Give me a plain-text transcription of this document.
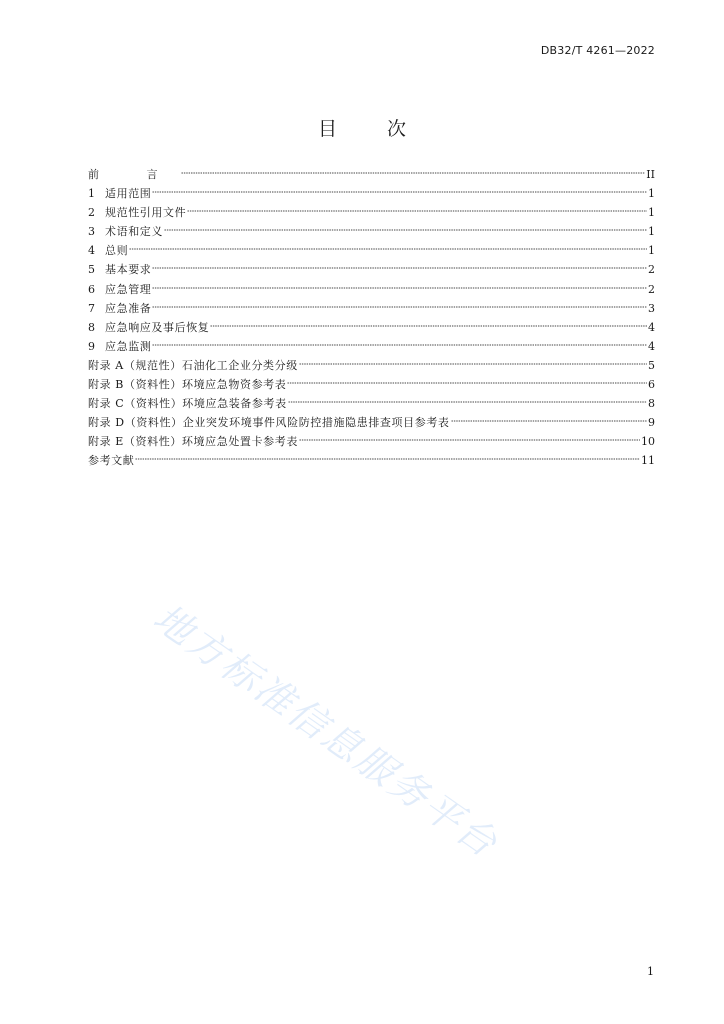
DB32/T 4261—2022
目 次
前 言	II
1 适用范围	1
2 规范性引用文件	1
3 术语和定义	1
4 总则	1
5 基本要求	2
6 应急管理	2
7 应急准备	3
8 应急响应及事后恢复	4
9 应急监测	4
附录 A（规范性）石油化工企业分类分级	5
附录 B（资料性）环境应急物资参考表	6
附录 C（资料性）环境应急装备参考表	8
附录 D（资料性）企业突发环境事件风险防控措施隐患排查项目参考表	9
附录 E（资料性）环境应急处置卡参考表	10
参考文献	11
地方标准信息服务平台
1
